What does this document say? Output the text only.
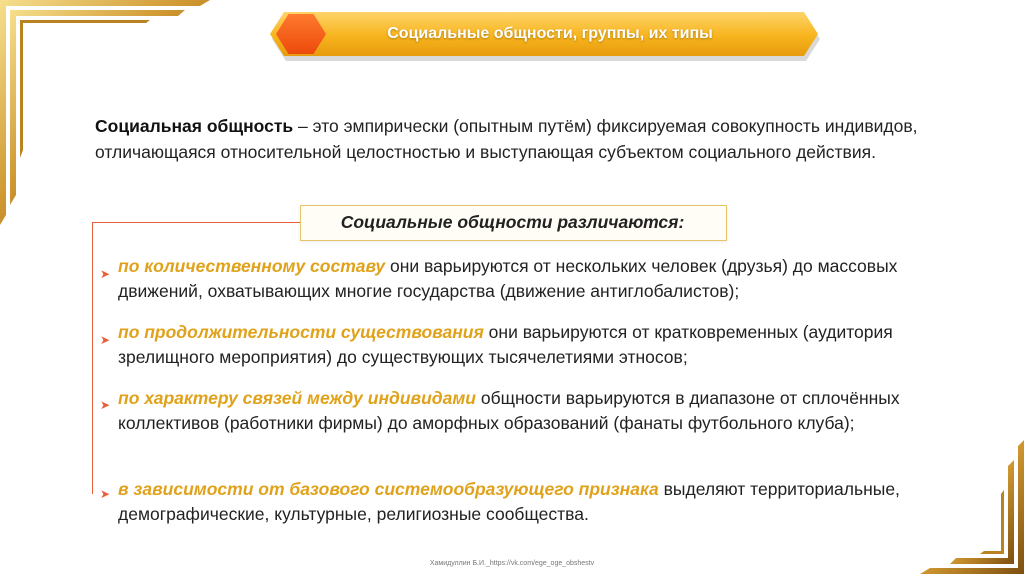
Социальные общности, группы, их типы
Социальная общность – это эмпирически (опытным путём) фиксируемая совокупность индивидов, отличающаяся относительной целостностью и выступающая субъектом социального действия.
➤
➤
➤
➤
Социальные общности различаются:
по количественному составу они варьируются от нескольких человек (друзья) до массовых движений, охватывающих многие государства (движение антиглобалистов);
по продолжительности существования они варьируются от кратковременных (аудитория зрелищного мероприятия) до существующих тысячелетиями этносов;
по характеру связей между индивидами общности варьируются в диапазоне от сплочённых коллективов (работники фирмы) до аморфных образований (фанаты футбольного клуба);
в зависимости от базового системообразующего признака выделяют территориальные, демографические, культурные, религиозные сообщества.
Хамидуллин Б.И._https://vk.com/ege_oge_obshestv
